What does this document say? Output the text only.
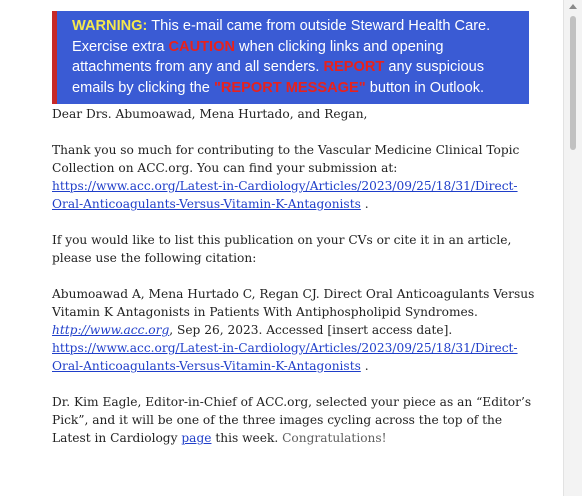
WARNING: This e-mail came from outside Steward Health Care. Exercise extra CAUTION when clicking links and opening attachments from any and all senders. REPORT any suspicious emails by clicking the "REPORT MESSAGE" button in Outlook.

Dear Drs. Abumoawad, Mena Hurtado, and Regan,

Thank you so much for contributing to the Vascular Medicine Clinical Topic Collection on ACC.org. You can find your submission at: https://www.acc.org/Latest-in-Cardiology/Articles/2023/09/25/18/31/Direct-Oral-Anticoagulants-Versus-Vitamin-K-Antagonists .

If you would like to list this publication on your CVs or cite it in an article, please use the following citation:

Abumoawad A, Mena Hurtado C, Regan CJ. Direct Oral Anticoagulants Versus Vitamin K Antagonists in Patients With Antiphospholipid Syndromes. http://www.acc.org, Sep 26, 2023. Accessed [insert access date]. https://www.acc.org/Latest-in-Cardiology/Articles/2023/09/25/18/31/Direct-Oral-Anticoagulants-Versus-Vitamin-K-Antagonists .

Dr. Kim Eagle, Editor-in-Chief of ACC.org, selected your piece as an “Editor’s Pick”, and it will be one of the three images cycling across the top of the Latest in Cardiology page this week. Congratulations!
